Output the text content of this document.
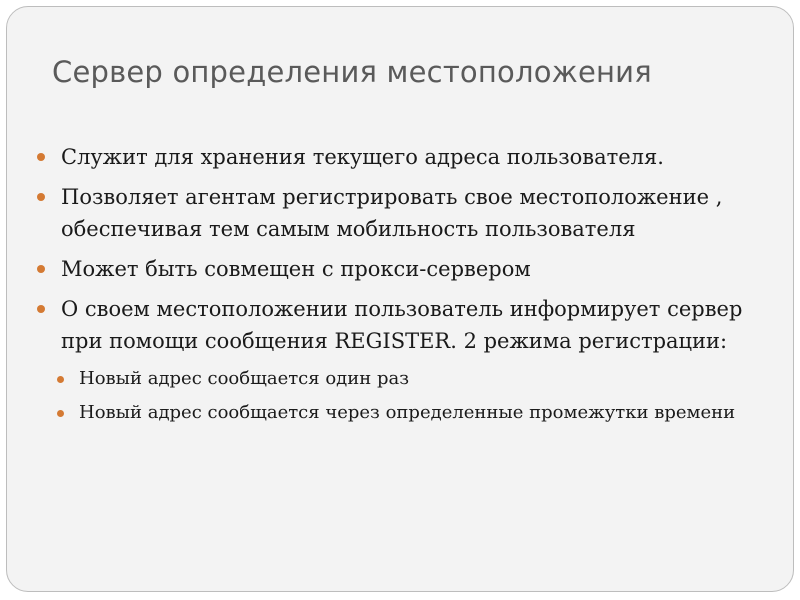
Сервер определения местоположения
Служит для хранения текущего адреса пользователя.
Позволяет агентам регистрировать свое местоположение , обеспечивая тем самым мобильность пользователя
Может быть совмещен с прокси-сервером
О своем местоположении пользователь информирует сервер при помощи сообщения REGISTER. 2 режима регистрации:
Новый адрес сообщается один раз
Новый адрес сообщается через определенные промежутки времени
